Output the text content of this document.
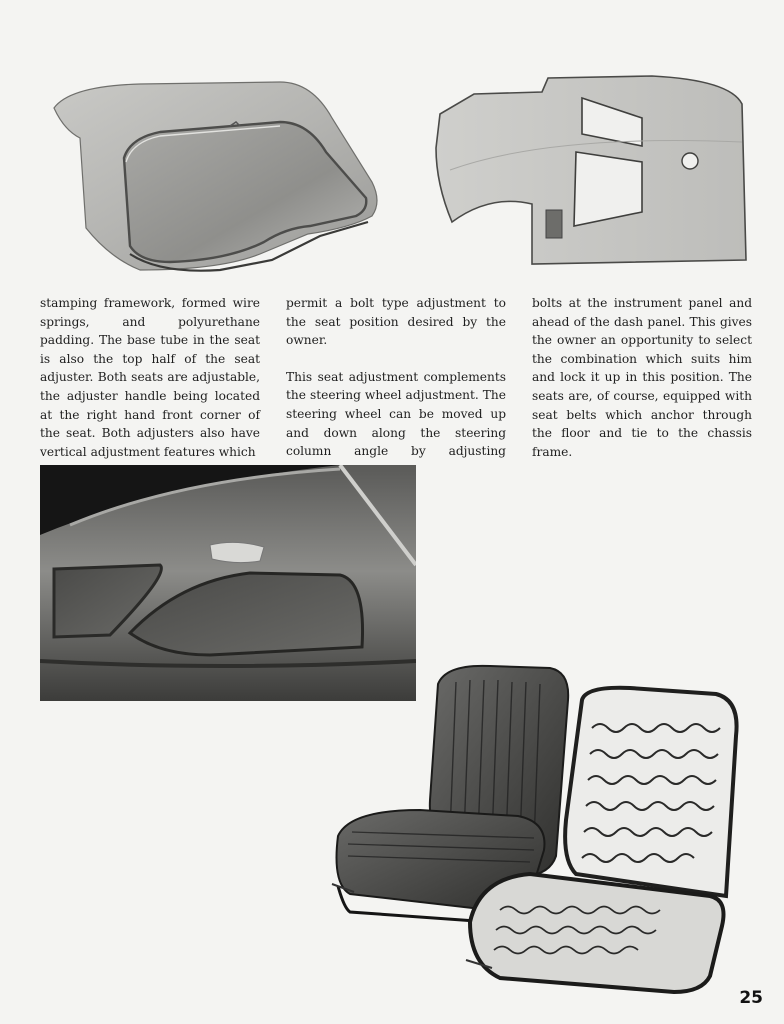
stamping framework, formed wire springs, and polyurethane padding. The base tube in the seat is also the top half of the seat adjuster. Both seats are adjustable, the adjuster handle being located at the right hand front corner of the seat. Both adjusters also have vertical adjustment features which

permit a bolt type adjustment to the seat position desired by the owner.

This seat adjustment complements the steering wheel adjustment. The steering wheel can be moved up and down along the steering column angle by adjusting

bolts at the instrument panel and ahead of the dash panel. This gives the owner an opportunity to select the combination which suits him and lock it up in this position. The seats are, of course, equipped with seat belts which anchor through the floor and tie to the chassis frame.

25
